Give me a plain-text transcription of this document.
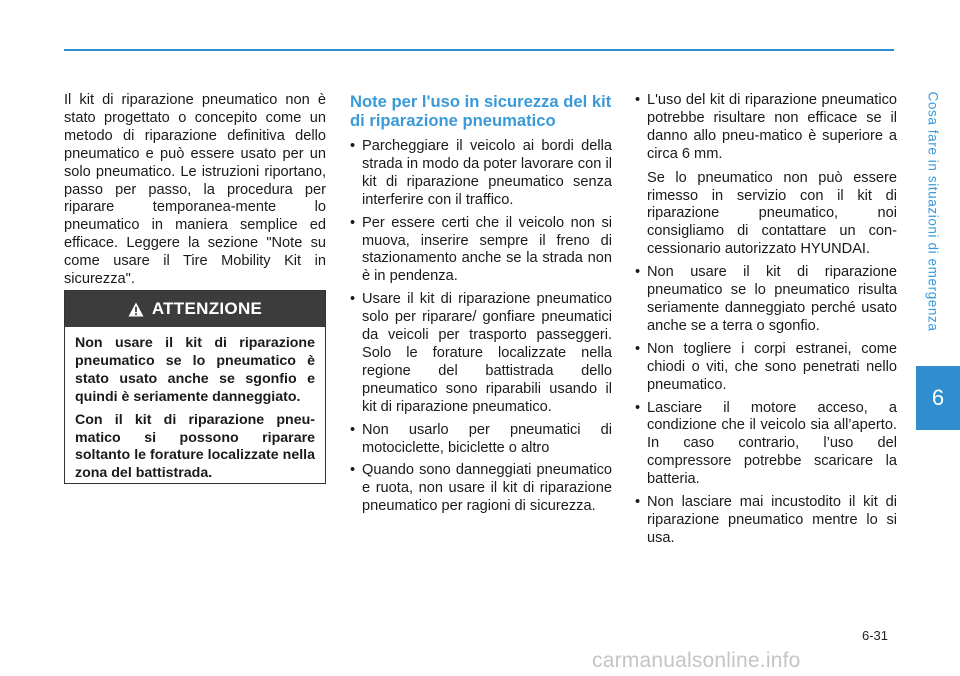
Cosa fare in situazioni di emergenza
6

Il kit di riparazione pneumatico non è stato progettato o concepito come un metodo di riparazione definitiva dello pneumatico e può essere usato per un solo pneumatico. Le istruzioni riportano, passo per passo, la procedura per riparare temporanea-mente lo pneumatico in maniera semplice ed efficace. Leggere la sezione "Note su come usare il Tire Mobility Kit in sicurezza".

ATTENZIONE

Non usare il kit di riparazione pneumatico se lo pneumatico è stato usato anche se sgonfio e quindi è seriamente danneggiato.

Con il kit di riparazione pneu-matico si possono riparare soltanto le forature localizzate nella zona del battistrada.

Note per l'uso in sicurezza del kit di riparazione pneumatico
• Parcheggiare il veicolo ai bordi della strada in modo da poter lavorare con il kit di riparazione pneumatico senza interferire con il traffico.

• Per essere certi che il veicolo non si muova, inserire sempre il freno di stazionamento anche se la strada non è in pendenza.

• Usare il kit di riparazione pneumatico solo per riparare/ gonfiare pneumatici da veicoli per trasporto passeggeri. Solo le forature localizzate nella regione del battistrada dello pneumatico sono riparabili usando il kit di riparazione pneumatico.

• Non usarlo per pneumatici di motociclette, biciclette o altro

• Quando sono danneggiati pneumatico e ruota, non usare il kit di riparazione pneumatico per ragioni di sicurezza.

• L'uso del kit di riparazione pneumatico potrebbe risultare non efficace se il danno allo pneu-matico è superiore a circa 6 mm.

Se lo pneumatico non può essere rimesso in servizio con il kit di riparazione pneumatico, noi consigliamo di contattare un con-cessionario autorizzato HYUNDAI.

• Non usare il kit di riparazione pneumatico se lo pneumatico risulta seriamente danneggiato perché usato anche se a terra o sgonfio.

• Non togliere i corpi estranei, come chiodi o viti, che sono penetrati nello pneumatico.

• Lasciare il motore acceso, a condizione che il veicolo sia all’aperto. In caso contrario, l’uso del compressore potrebbe scaricare la batteria.

• Non lasciare mai incustodito il kit di riparazione pneumatico mentre lo si usa.

6-31
carmanualsonline.info
